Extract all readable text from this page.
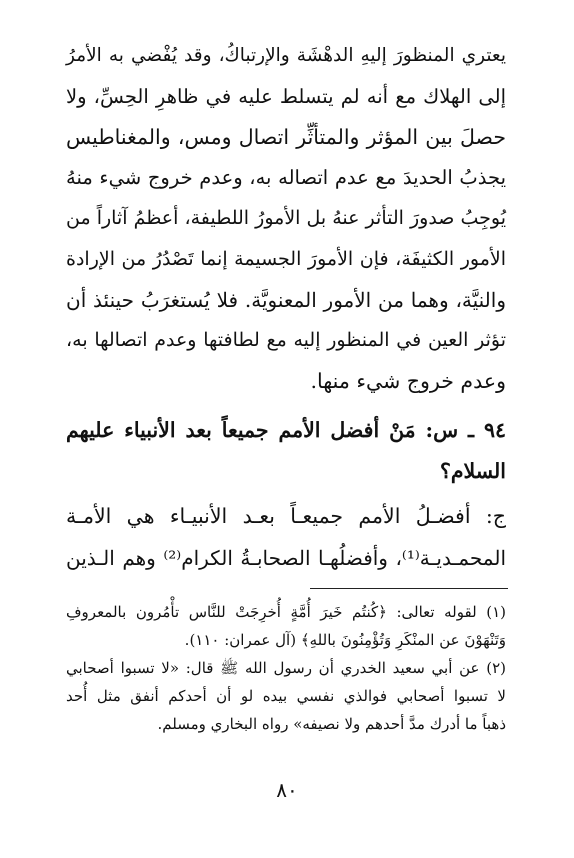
يعتري المنظورَ إليهِ الدهْشَة والإرتباكُ، وقد يُفْضي به الأمرُ
إلى الهلاك مع أنه لم يتسلط عليه في ظاهرِ الحِسِّ، ولا
حصلَ بين المؤثر والمتأثِّر اتصال ومس، والمغناطيس
يجذبُ الحديدَ مع عدم اتصاله به، وعدم خروج شيء منهُ
يُوجِبُ صدورَ التأثر عنهُ بل الأمورُ اللطيفة، أعظمُ آثاراً من
الأمور الكثيفَة، فإن الأمورَ الجسيمة إنما تَصْدُرُ من الإرادة
والنيَّة، وهما من الأمور المعنويَّة. فلا يُستغرَبُ حينئذ أن
تؤثر العين في المنظور إليه مع لطافتها وعدم اتصالها به،
وعدم خروج شيء منها.
٩٤ ـ س: مَنْ أفضل الأمم جميعاً بعد الأنبياء عليهم
السلام؟
ج: أفضـلُ الأمم جميعـاً بعـد الأنبيـاء هي الأمـة
المحمـديـة⁽¹⁾، وأفضلُهـا الصحابـةُ الكرام⁽²⁾ وهم الـذين
(١) لقوله تعالى: ﴿كُنتُم خَيرَ أُمَّةٍ أُخرِجَتْ للنَّاس تأْمُرون بالمعروفِ
وَتَنْهَوْنَ عن المنْكَرِ وَتُؤْمِنُونَ باللهِ﴾ (آل عمران: ١١٠).
(٢) عن أبي سعيد الخدري أن رسول الله ﷺ قال: «لا تسبوا أصحابي
لا تسبوا أصحابي فوالذي نفسي بيده لو أن أحدكم أنفق مثل أُحد
ذهباً ما أدرك مدَّ أحدهم ولا نصيفه» رواه البخاري ومسلم.
٨٠
